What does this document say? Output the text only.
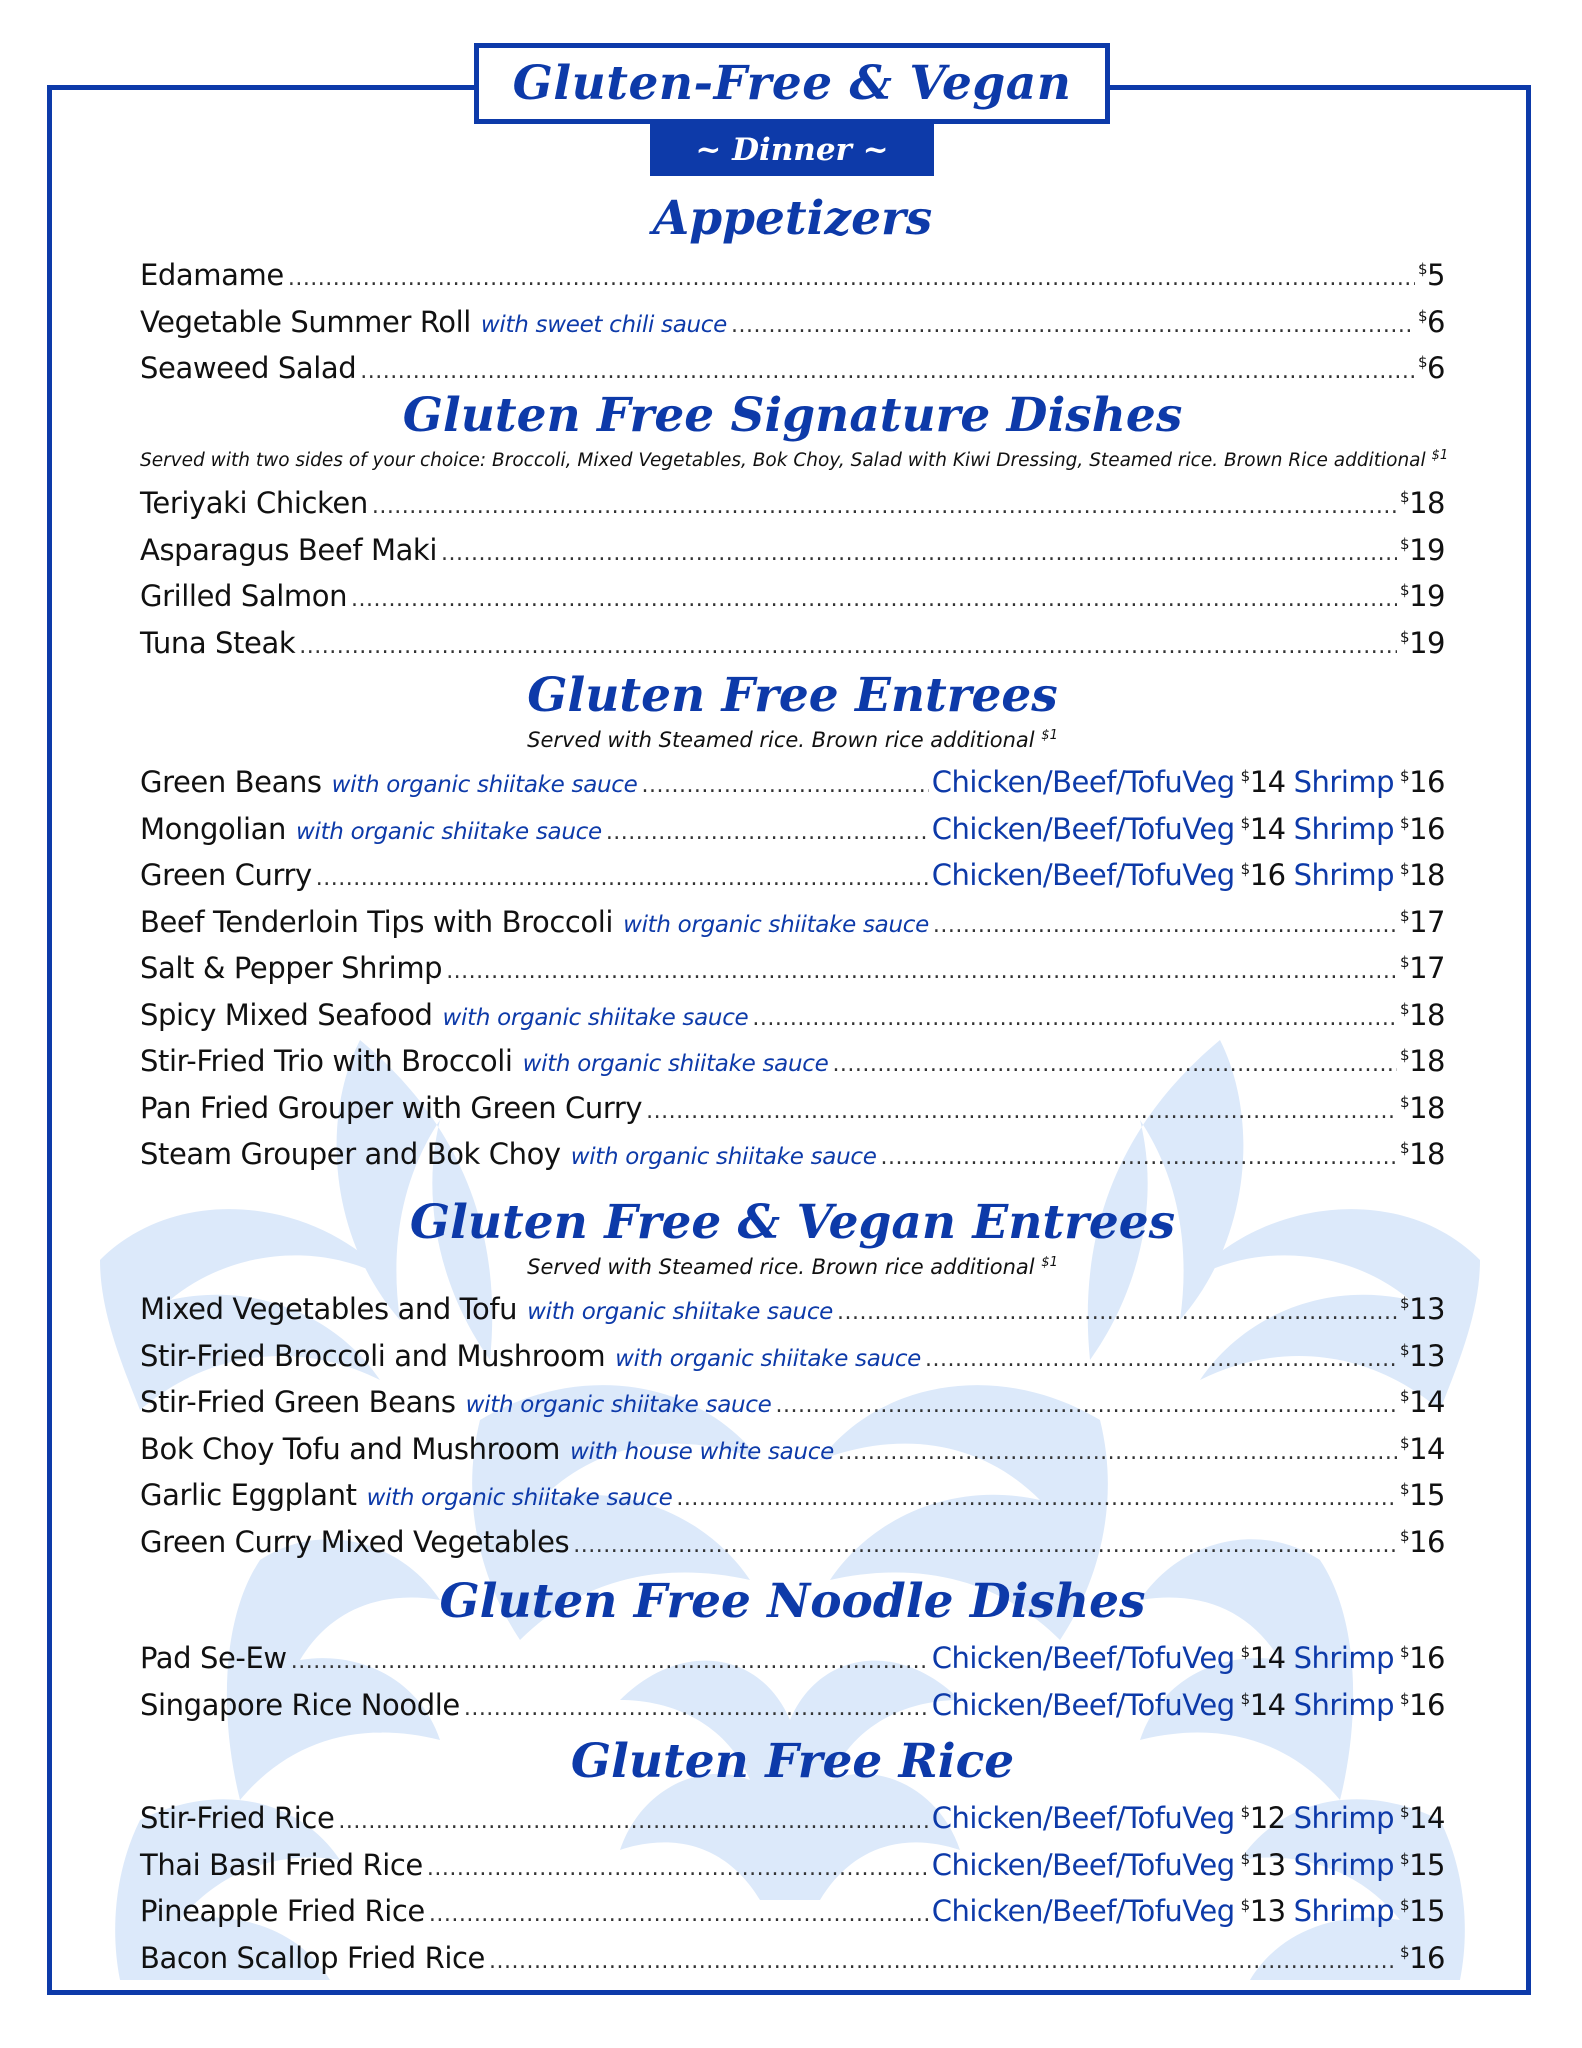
Gluten-Free & Vegan
~ Dinner ~
Appetizers
Edamame .....	$5
Vegetable Summer Roll with sweet chili sauce .....	$6
Seaweed Salad .....	$6
Gluten Free Signature Dishes
Served with two sides of your choice: Broccoli, Mixed Vegetables, Bok Choy, Salad with Kiwi Dressing, Steamed rice. Brown Rice additional $^{\$1}$
Teriyaki Chicken .....	$18
Asparagus Beef Maki .....	$19
Grilled Salmon .....	$19
Tuna Steak .....	$19
Gluten Free Entrees
Served with Steamed rice. Brown rice additional $^{\$1}$
Green Beans with organic shiitake sauce .....	Chicken/Beef/TofuVeg $14 Shrimp $16
Mongolian with organic shiitake sauce .....	Chicken/Beef/TofuVeg $14 Shrimp $16
Green Curry .....	Chicken/Beef/TofuVeg $16 Shrimp $18
Beef Tenderloin Tips with Broccoli with organic shiitake sauce .....	$17
Salt & Pepper Shrimp .....	$17
Spicy Mixed Seafood with organic shiitake sauce .....	$18
Stir-Fried Trio with Broccoli with organic shiitake sauce .....	$18
Pan Fried Grouper with Green Curry .....	$18
Steam Grouper and Bok Choy with organic shiitake sauce .....	$18
Gluten Free & Vegan Entrees
Served with Steamed rice. Brown rice additional $^{\$1}$
Mixed Vegetables and Tofu with organic shiitake sauce .....	$13
Stir-Fried Broccoli and Mushroom with organic shiitake sauce .....	$13
Stir-Fried Green Beans with organic shiitake sauce .....	$14
Bok Choy Tofu and Mushroom with house white sauce .....	$14
Garlic Eggplant with organic shiitake sauce .....	$15
Green Curry Mixed Vegetables .....	$16
Gluten Free Noodle Dishes
Pad Se-Ew .....	Chicken/Beef/TofuVeg $14 Shrimp $16
Singapore Rice Noodle .....	Chicken/Beef/TofuVeg $14 Shrimp $16
Gluten Free Rice
Stir-Fried Rice .....	Chicken/Beef/TofuVeg $12 Shrimp $14
Thai Basil Fried Rice .....	Chicken/Beef/TofuVeg $13 Shrimp $15
Pineapple Fried Rice .....	Chicken/Beef/TofuVeg $13 Shrimp $15
Bacon Scallop Fried Rice .....	$16
